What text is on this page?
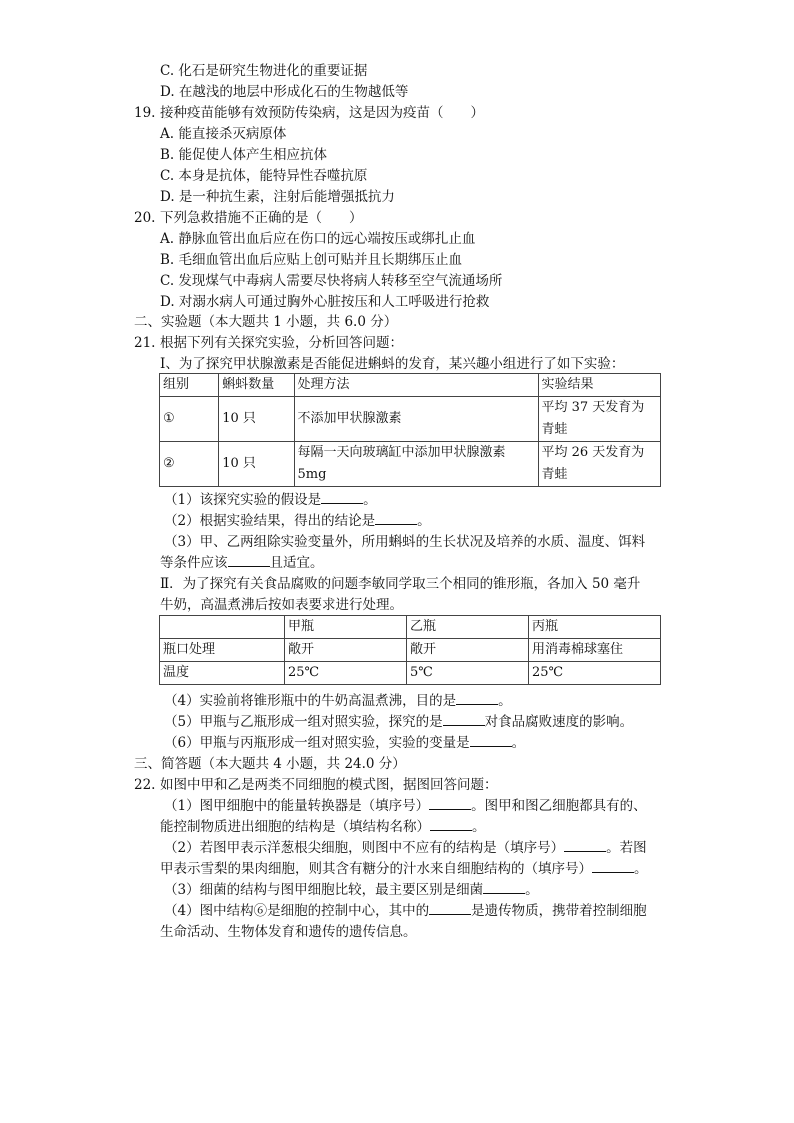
C. 化石是研究生物进化的重要证据
D. 在越浅的地层中形成化石的生物越低等
19. 接种疫苗能够有效预防传染病，这是因为疫苗（　　）
A. 能直接杀灭病原体
B. 能促使人体产生相应抗体
C. 本身是抗体，能特异性吞噬抗原
D. 是一种抗生素，注射后能增强抵抗力
20. 下列急救措施不正确的是（　　）
A. 静脉血管出血后应在伤口的远心端按压或绑扎止血
B. 毛细血管出血后应贴上创可贴并且长期绑压止血
C. 发现煤气中毒病人需要尽快将病人转移至空气流通场所
D. 对溺水病人可通过胸外心脏按压和人工呼吸进行抢救
二、实验题（本大题共 1 小题，共 6.0 分）
21. 根据下列有关探究实验，分析回答问题：
I、为了探究甲状腺激素是否能促进蝌蚪的发育，某兴趣小组进行了如下实验：
组别	蝌蚪数量	处理方法	实验结果
①	10 只	不添加甲状腺激素	平均 37 天发育为青蛙
②	10 只	每隔一天向玻璃缸中添加甲状腺激素 5mg	平均 26 天发育为青蛙
（1）该探究实验的假设是	。
（2）根据实验结果，得出的结论是	。
（3）甲、乙两组除实验变量外，所用蝌蚪的生长状况及培养的水质、温度、饵料
等条件应该	且适宜。
Ⅱ．为了探究有关食品腐败的问题李敏同学取三个相同的锥形瓶，各加入 50 毫升
牛奶，高温煮沸后按如表要求进行处理。
	甲瓶	乙瓶	丙瓶
瓶口处理	敞开	敞开	用消毒棉球塞住
温度	25℃	5℃	25℃
（4）实验前将锥形瓶中的牛奶高温煮沸，目的是	。
（5）甲瓶与乙瓶形成一组对照实验，探究的是	对食品腐败速度的影响。
（6）甲瓶与丙瓶形成一组对照实验，实验的变量是	。
三、简答题（本大题共 4 小题，共 24.0 分）
22. 如图中甲和乙是两类不同细胞的模式图，据图回答问题：
（1）图甲细胞中的能量转换器是（填序号）	。图甲和图乙细胞都具有的、
能控制物质进出细胞的结构是（填结构名称）	。
（2）若图甲表示洋葱根尖细胞，则图中不应有的结构是（填序号）	。若图
甲表示雪梨的果肉细胞，则其含有糖分的汁水来自细胞结构的（填序号）	。
（3）细菌的结构与图甲细胞比较，最主要区别是细菌	。
（4）图中结构⑥是细胞的控制中心，其中的	是遗传物质，携带着控制细胞
生命活动、生物体发育和遗传的遗传信息。
